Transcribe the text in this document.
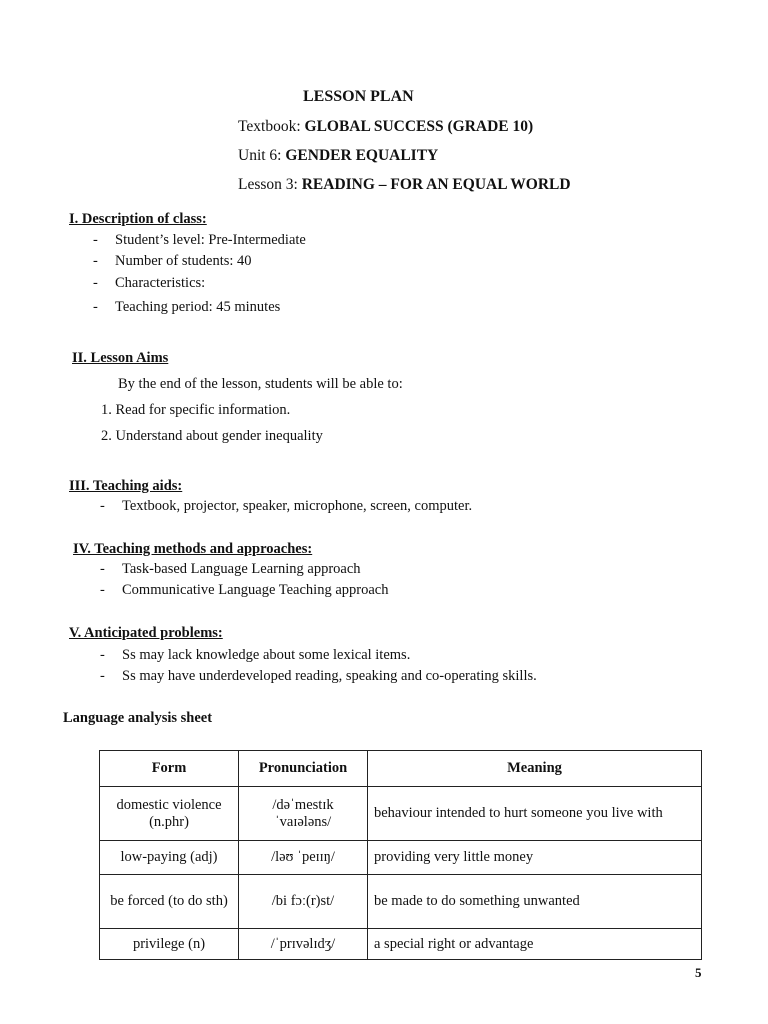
LESSON PLAN
Textbook: GLOBAL SUCCESS (GRADE 10)
Unit 6: GENDER EQUALITY
Lesson 3: READING – FOR AN EQUAL WORLD
I. Description of class:
- Student’s level: Pre-Intermediate
- Number of students: 40
- Characteristics:
- Teaching period: 45 minutes
II. Lesson Aims
By the end of the lesson, students will be able to:
1. Read for specific information.
2. Understand about gender inequality
III. Teaching aids:
- Textbook, projector, speaker, microphone, screen, computer.
IV. Teaching methods and approaches:
- Task-based Language Learning approach
- Communicative Language Teaching approach
V. Anticipated problems:
- Ss may lack knowledge about some lexical items.
- Ss may have underdeveloped reading, speaking and co-operating skills.
Language analysis sheet
Form	Pronunciation	Meaning
domestic violence (n.phr)	/dəˈmestɪk ˈvaɪələns/	behaviour intended to hurt someone you live with
low-paying (adj)	/ləʊ ˈpeɪɪŋ/	providing very little money
be forced (to do sth)	/bi fɔː(r)st/	be made to do something unwanted
privilege (n)	/ˈprɪvəlɪdʒ/	a special right or advantage
5
